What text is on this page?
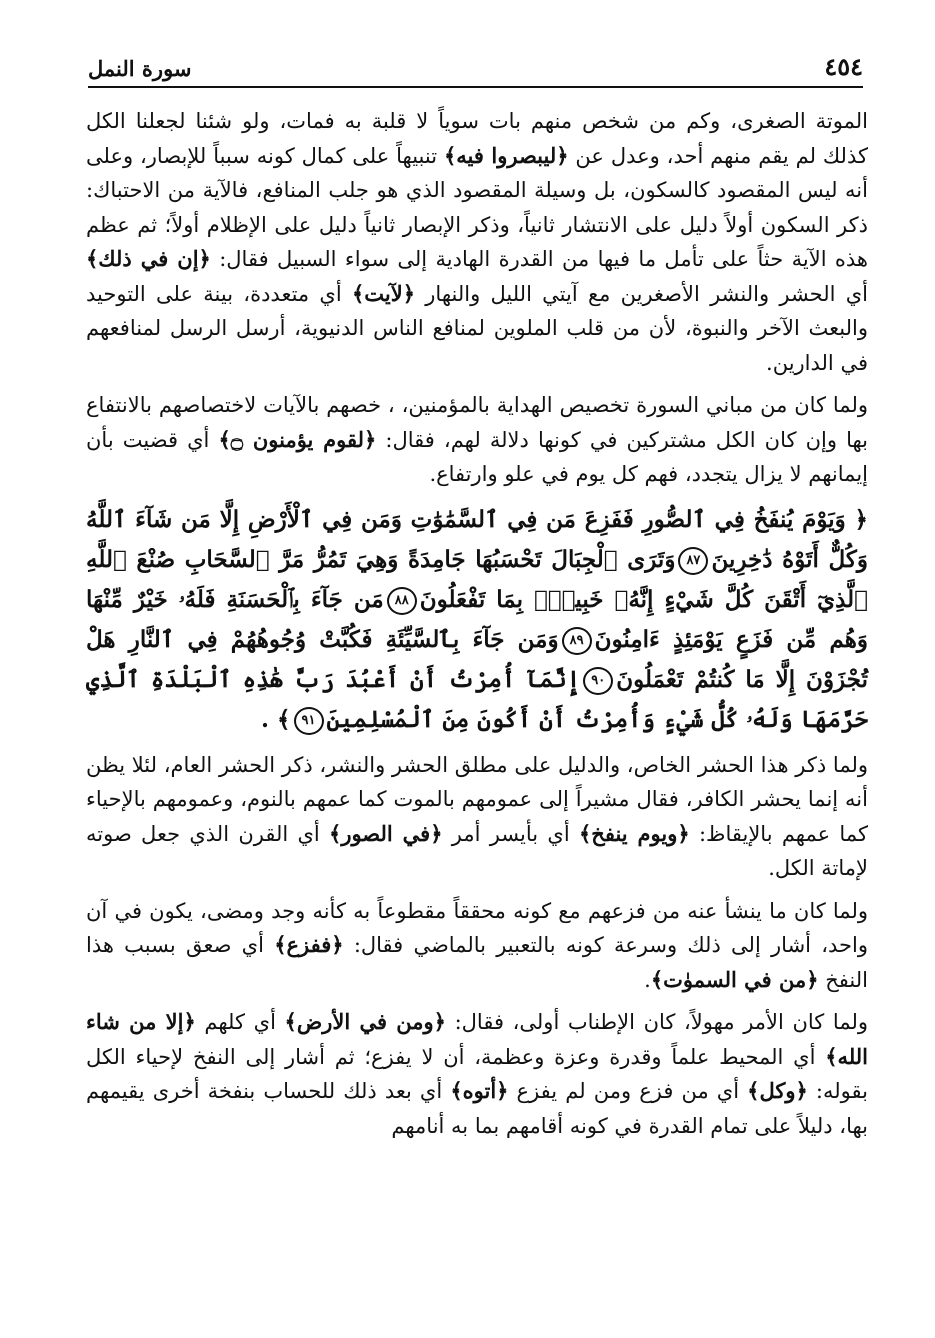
٤٥٤
سورة النمل

الموتة الصغرى، وكم من شخص منهم بات سوياً لا قلبة به فمات، ولو شئنا لجعلنا الكل كذلك لم يقم منهم أحد، وعدل عن ﴿ليبصروا فيه﴾ تنبيهاً على كمال كونه سبباً للإبصار، وعلى أنه ليس المقصود كالسكون، بل وسيلة المقصود الذي هو جلب المنافع، فالآية من الاحتباك: ذكر السكون أولاً دليل على الانتشار ثانياً، وذكر الإبصار ثانياً دليل على الإظلام أولاً؛ ثم عظم هذه الآية حثاً على تأمل ما فيها من القدرة الهادية إلى سواء السبيل فقال: ﴿إن في ذلك﴾ أي الحشر والنشر الأصغرين مع آيتي الليل والنهار ﴿لآيت﴾ أي متعددة، بينة على التوحيد والبعث الآخر والنبوة، لأن من قلب الملوين لمنافع الناس الدنيوية، أرسل الرسل لمنافعهم في الدارين.

ولما كان من مباني السورة تخصيص الهداية بالمؤمنين، ، خصهم بالآيات لاختصاصهم بالانتفاع بها وإن كان الكل مشتركين في كونها دلالة لهم، فقال: ﴿لقوم يؤمنون ۝﴾ أي قضيت بأن إيمانهم لا يزال يتجدد، فهم كل يوم في علو وارتفاع.

﴿ وَيَوْمَ يُنفَخُ فِي ٱلصُّورِ فَفَزِعَ مَن فِي ٱلسَّمَٰوَٰتِ وَمَن فِي ٱلْأَرْضِ إِلَّا مَن شَآءَ ٱللَّهُ وَكُلٌّ أَتَوْهُ دَٰخِرِينَ٨٧وَتَرَى ٱلْجِبَالَ تَحْسَبُهَا جَامِدَةً وَهِيَ تَمُرُّ مَرَّ ٱلسَّحَابِ صُنْعَ ٱللَّهِ ٱلَّذِيٓ أَتْقَنَ كُلَّ شَيْءٍ إِنَّهُۥ خَبِيرٌۢ بِمَا تَفْعَلُونَ٨٨مَن جَآءَ بِٱلْحَسَنَةِ فَلَهُۥ خَيْرٌ مِّنْهَا وَهُم مِّن فَزَعٍ يَوْمَئِذٍ ءَامِنُونَ٨٩وَمَن جَآءَ بِٱلسَّيِّئَةِ فَكُبَّتْ وُجُوهُهُمْ فِي ٱلنَّارِ هَلْ تُجْزَوْنَ إِلَّا مَا كُنتُمْ تَعْمَلُونَ٩٠إِنَّمَآ أُمِرْتُ أَنْ أَعْبُدَ رَبَّ هَٰذِهِ ٱلْبَلْدَةِ ٱلَّذِي حَرَّمَهَا وَلَهُۥ كُلُّ شَيْءٍ وَأُمِرْتُ أَنْ أَكُونَ مِنَ ٱلْمُسْلِمِينَ٩١﴾ .

ولما ذكر هذا الحشر الخاص، والدليل على مطلق الحشر والنشر، ذكر الحشر العام، لئلا يظن أنه إنما يحشر الكافر، فقال مشيراً إلى عمومهم بالموت كما عمهم بالنوم، وعمومهم بالإحياء كما عمهم بالإيقاظ: ﴿ويوم ينفخ﴾ أي بأيسر أمر ﴿في الصور﴾ أي القرن الذي جعل صوته لإماتة الكل.

ولما كان ما ينشأ عنه من فزعهم مع كونه محققاً مقطوعاً به كأنه وجد ومضى، يكون في آن واحد، أشار إلى ذلك وسرعة كونه بالتعبير بالماضي فقال: ﴿ففزع﴾ أي صعق بسبب هذا النفخ ﴿من في السموٰت﴾.

ولما كان الأمر مهولاً، كان الإطناب أولى، فقال: ﴿ومن في الأرض﴾ أي كلهم ﴿إلا من شاء الله﴾ أي المحيط علماً وقدرة وعزة وعظمة، أن لا يفزع؛ ثم أشار إلى النفخ لإحياء الكل بقوله: ﴿وكل﴾ أي من فزع ومن لم يفزع ﴿أتوه﴾ أي بعد ذلك للحساب بنفخة أخرى يقيمهم بها، دليلاً على تمام القدرة في كونه أقامهم بما به أنامهم
